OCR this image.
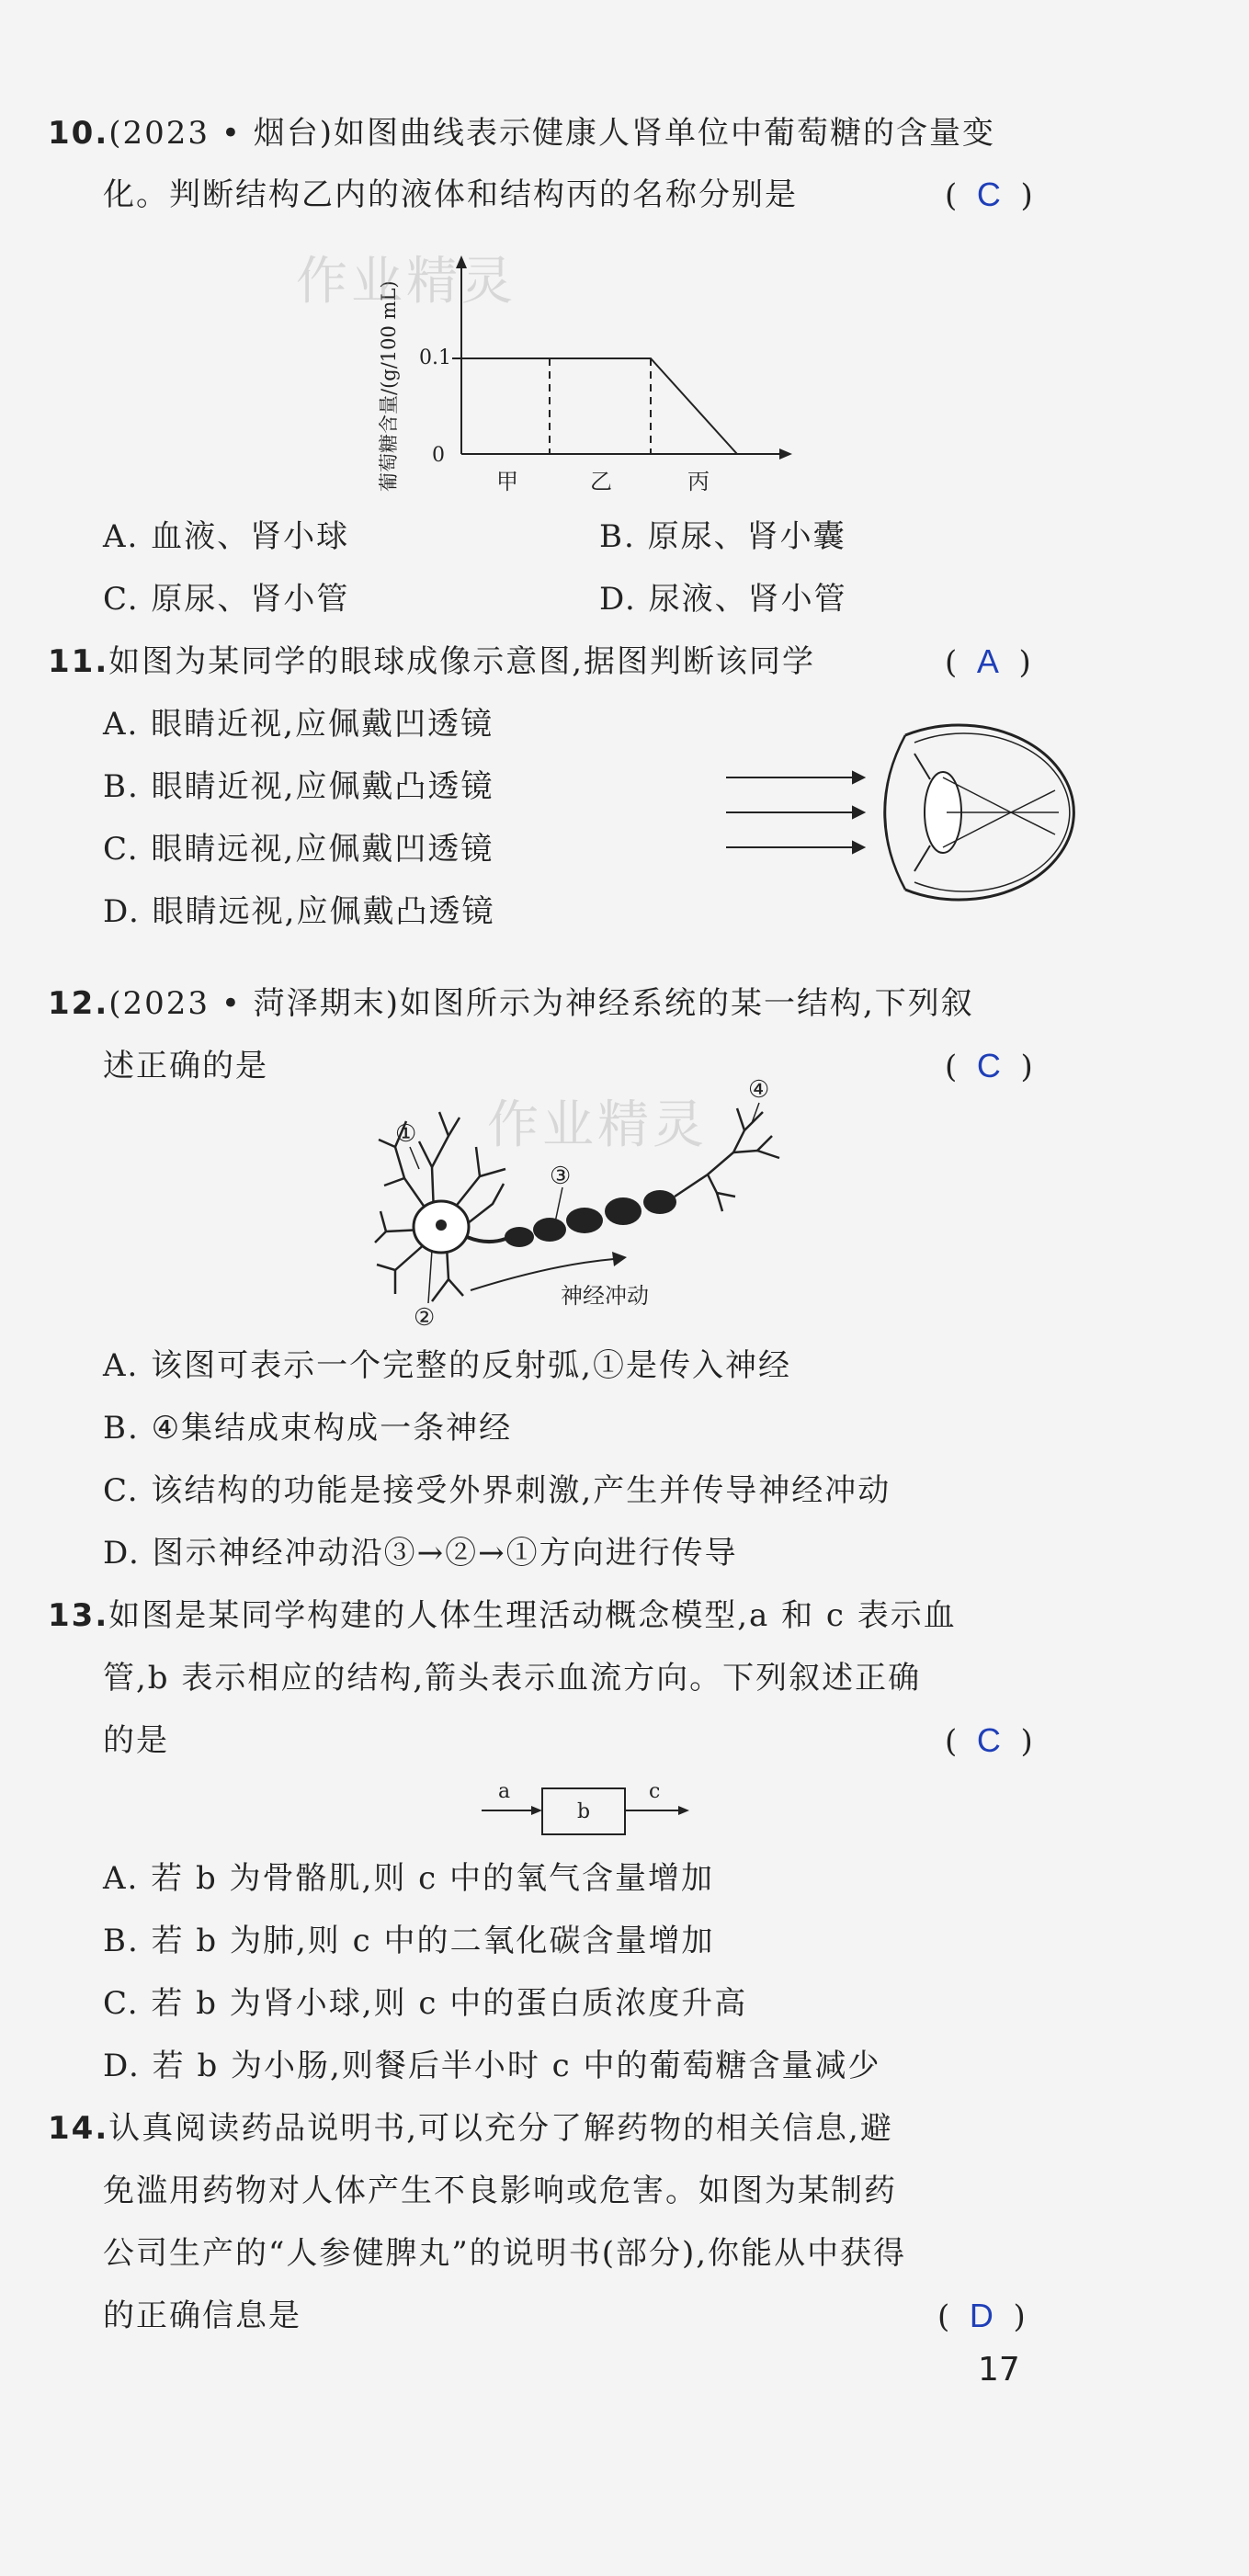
10.(2023 • 烟台)如图曲线表示健康人肾单位中葡萄糖的含量变
化。判断结构乙内的液体和结构丙的名称分别是	(  C  )
葡萄糖含量/(g/100 mL) 0.1
0
甲	乙	丙
作业精灵
A. 血液、肾小球	B. 原尿、肾小囊
C. 原尿、肾小管	D. 尿液、肾小管
11.如图为某同学的眼球成像示意图,据图判断该同学	(  A  )
A. 眼睛近视,应佩戴凹透镜
B. 眼睛近视,应佩戴凸透镜
C. 眼睛远视,应佩戴凹透镜
D. 眼睛远视,应佩戴凸透镜
12.(2023 • 菏泽期末)如图所示为神经系统的某一结构,下列叙
述正确的是	(  C  )
①
②
③
④
神经冲动
作业精灵
A. 该图可表示一个完整的反射弧,①是传入神经
B. ④集结成束构成一条神经
C. 该结构的功能是接受外界刺激,产生并传导神经冲动
D. 图示神经冲动沿③→②→①方向进行传导
13.如图是某同学构建的人体生理活动概念模型,a 和 c 表示血
管,b 表示相应的结构,箭头表示血流方向。下列叙述正确
的是	(  C  )
a
b
c
A. 若 b 为骨骼肌,则 c 中的氧气含量增加
B. 若 b 为肺,则 c 中的二氧化碳含量增加
C. 若 b 为肾小球,则 c 中的蛋白质浓度升高
D. 若 b 为小肠,则餐后半小时 c 中的葡萄糖含量减少
14.认真阅读药品说明书,可以充分了解药物的相关信息,避
免滥用药物对人体产生不良影响或危害。如图为某制药
公司生产的“人参健脾丸”的说明书(部分),你能从中获得
的正确信息是	(  D  )
17
